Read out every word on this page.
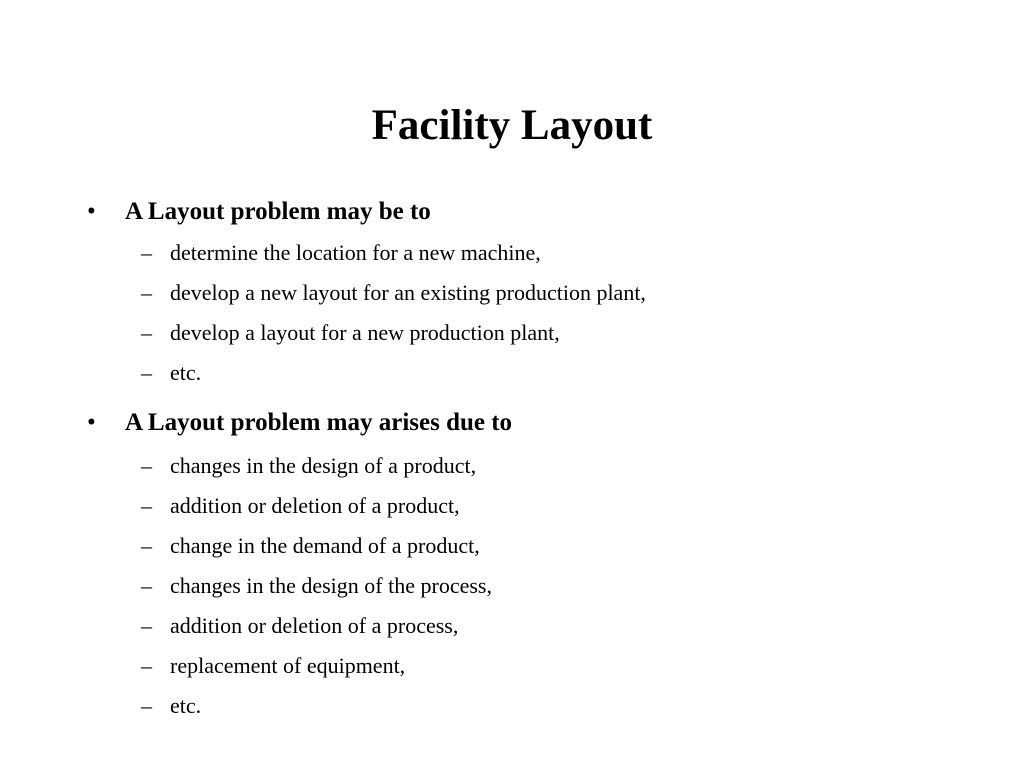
Facility Layout
• A Layout problem may be to
– determine the location for a new machine,
– develop a new layout for an existing production plant,
– develop a layout for a new production plant,
– etc.
• A Layout problem may arises due to
– changes in the design of a product,
– addition or deletion of a product,
– change in the demand of a product,
– changes in the design of the process,
– addition or deletion of a process,
– replacement of equipment,
– etc.
